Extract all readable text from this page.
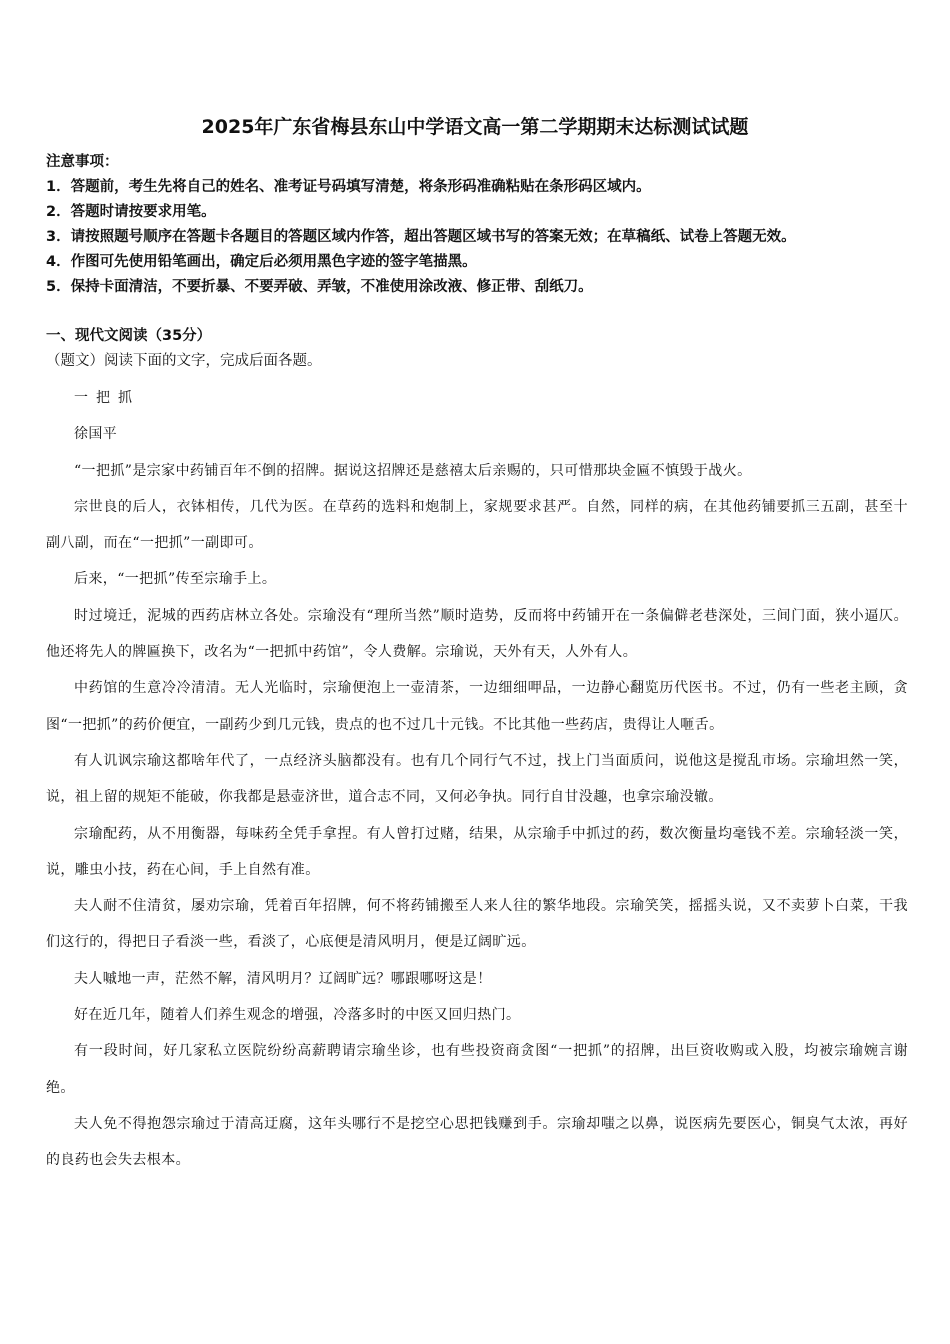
2025年广东省梅县东山中学语文高一第二学期期末达标测试试题
注意事项：
1．答题前，考生先将自己的姓名、准考证号码填写清楚，将条形码准确粘贴在条形码区域内。
2．答题时请按要求用笔。
3．请按照题号顺序在答题卡各题目的答题区域内作答，超出答题区域书写的答案无效；在草稿纸、试卷上答题无效。
4．作图可先使用铅笔画出，确定后必须用黑色字迹的签字笔描黑。
5．保持卡面清洁，不要折暴、不要弄破、弄皱，不准使用涂改液、修正带、刮纸刀。
一、现代文阅读（35分）
（题文）阅读下面的文字，完成后面各题。

一把抓

徐国平

“一把抓”是宗家中药铺百年不倒的招牌。据说这招牌还是慈禧太后亲赐的，只可惜那块金匾不慎毁于战火。

宗世良的后人，衣钵相传，几代为医。在草药的选料和炮制上，家规要求甚严。自然，同样的病，在其他药铺要抓三五副，甚至十副八副，而在“一把抓”一副即可。

后来，“一把抓”传至宗瑜手上。

时过境迁，泥城的西药店林立各处。宗瑜没有“理所当然”顺时造势，反而将中药铺开在一条偏僻老巷深处，三间门面，狭小逼仄。他还将先人的牌匾换下，改名为“一把抓中药馆”，令人费解。宗瑜说，天外有天，人外有人。

中药馆的生意冷冷清清。无人光临时，宗瑜便泡上一壶清茶，一边细细呷品，一边静心翻览历代医书。不过，仍有一些老主顾，贪图“一把抓”的药价便宜，一副药少到几元钱，贵点的也不过几十元钱。不比其他一些药店，贵得让人咂舌。

有人讥讽宗瑜这都啥年代了，一点经济头脑都没有。也有几个同行气不过，找上门当面质问，说他这是搅乱市场。宗瑜坦然一笑，说，祖上留的规矩不能破，你我都是悬壶济世，道合志不同，又何必争执。同行自甘没趣，也拿宗瑜没辙。

宗瑜配药，从不用衡器，每味药全凭手拿捏。有人曾打过赌，结果，从宗瑜手中抓过的药，数次衡量均毫钱不差。宗瑜轻淡一笑，说，雕虫小技，药在心间，手上自然有准。

夫人耐不住清贫，屡劝宗瑜，凭着百年招牌，何不将药铺搬至人来人往的繁华地段。宗瑜笑笑，摇摇头说，又不卖萝卜白菜，干我们这行的，得把日子看淡一些，看淡了，心底便是清风明月，便是辽阔旷远。

夫人嘁地一声，茫然不解，清风明月？辽阔旷远？哪跟哪呀这是！

好在近几年，随着人们养生观念的增强，冷落多时的中医又回归热门。

有一段时间，好几家私立医院纷纷高薪聘请宗瑜坐诊，也有些投资商贪图“一把抓”的招牌，出巨资收购或入股，均被宗瑜婉言谢绝。

夫人免不得抱怨宗瑜过于清高迂腐，这年头哪行不是挖空心思把钱赚到手。宗瑜却嗤之以鼻，说医病先要医心，铜臭气太浓，再好的良药也会失去根本。
